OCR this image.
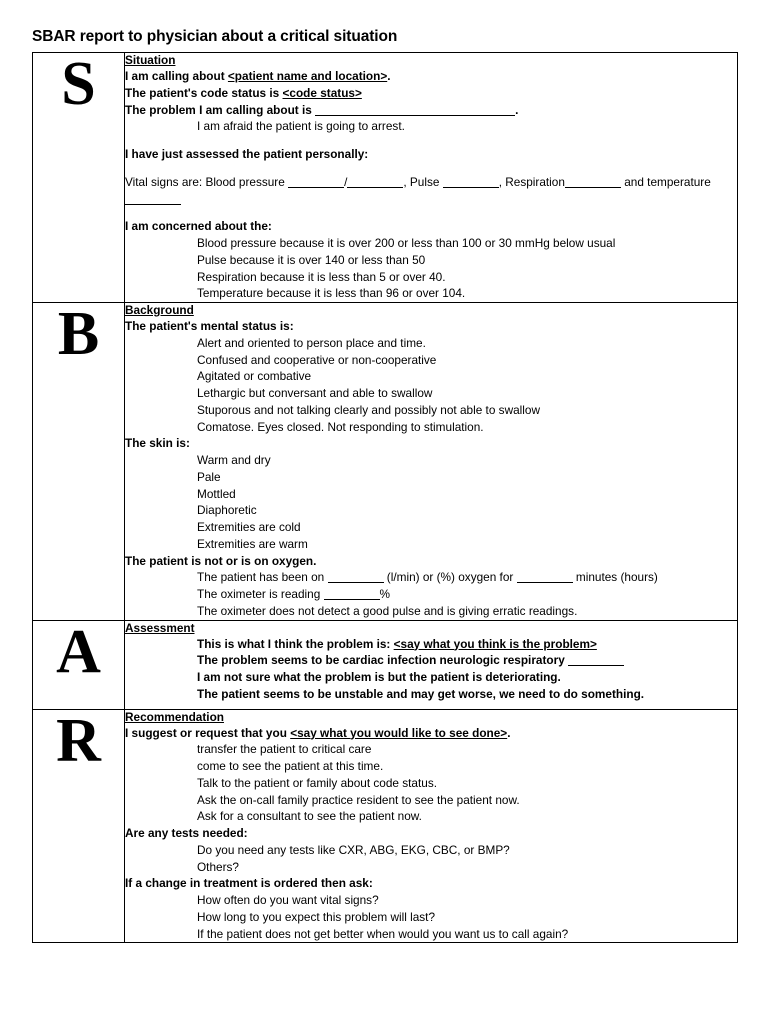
SBAR report to physician about a critical situation
S	Situation
I am calling about <patient name and location>.
The patient's code status is <code status>
The problem I am calling about is	.
I am afraid the patient is going to arrest.
I have just assessed the patient personally:
Vital signs are: Blood pressure	/	, Pulse	, Respiration	and temperature
I am concerned about the:
Blood pressure because it is over 200 or less than 100 or 30 mmHg below usual
Pulse because it is over 140 or less than 50
Respiration because it is less than 5 or over 40.
Temperature because it is less than 96 or over 104.

B	Background
The patient's mental status is:
Alert and oriented to person place and time.
Confused and cooperative or non-cooperative
Agitated or combative
Lethargic but conversant and able to swallow
Stuporous and not talking clearly and possibly not able to swallow
Comatose. Eyes closed. Not responding to stimulation.
The skin is:
Warm and dry
Pale
Mottled
Diaphoretic
Extremities are cold
Extremities are warm
The patient is not or is on oxygen.
The patient has been on	(l/min) or (%) oxygen for	minutes (hours)
The oximeter is reading	%
The oximeter does not detect a good pulse and is giving erratic readings.

A	Assessment
This is what I think the problem is: <say what you think is the problem>
The problem seems to be cardiac infection neurologic respiratory
I am not sure what the problem is but the patient is deteriorating.
The patient seems to be unstable and may get worse, we need to do something.

R	Recommendation
I suggest or request that you <say what you would like to see done>.
transfer the patient to critical care
come to see the patient at this time.
Talk to the patient or family about code status.
Ask the on-call family practice resident to see the patient now.
Ask for a consultant to see the patient now.
Are any tests needed:
Do you need any tests like CXR, ABG, EKG, CBC, or BMP?
Others?
If a change in treatment is ordered then ask:
How often do you want vital signs?
How long to you expect this problem will last?
If the patient does not get better when would you want us to call again?
